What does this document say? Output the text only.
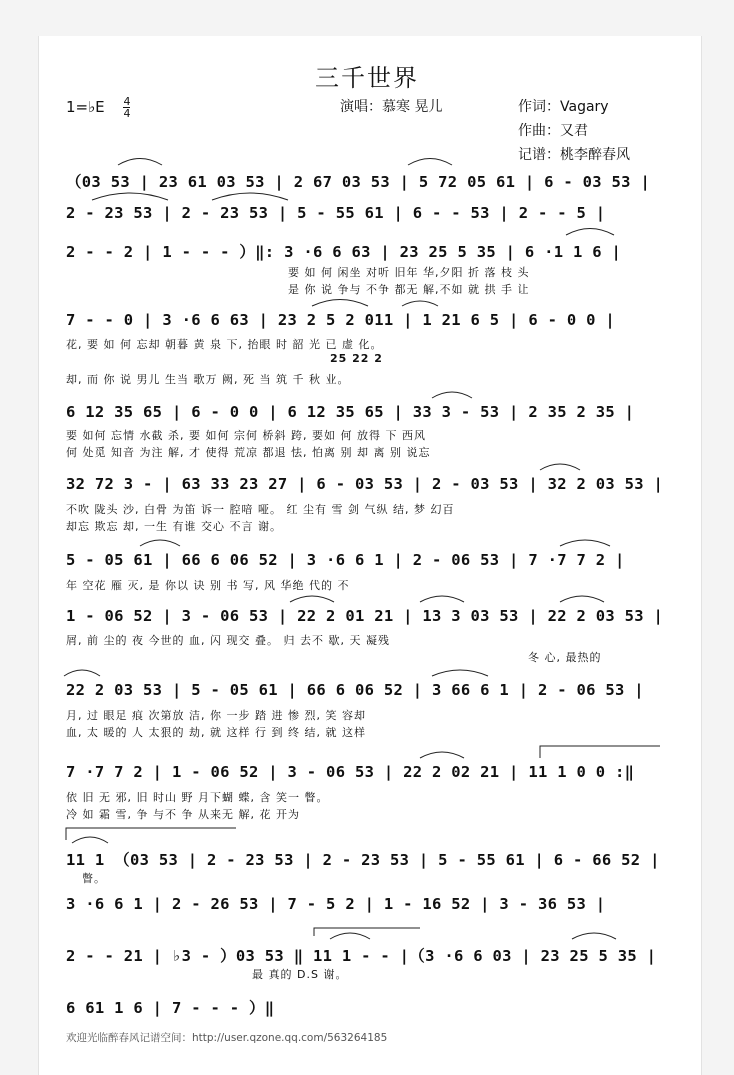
三千世界
1=♭E $\frac{4}{4}$	演唱：慕寒 晃儿	作词：Vagary
作曲：又君
记谱：桃李醉春风
（03 53 | 23 61 03 53 | 2 67 03 53 | 5 72 05 61 | 6 - 03 53 |
2 - 23 53 | 2 - 23 53 | 5 - 55 61 | 6 - - 53 | 2 - - 5 |
2 - - 2 | 1 - - - ）‖: 3 ·6 6 63 | 23 25 5 35 | 6 ·1 1 6 |
要 如 何 闲坐 对听 旧年 华,夕阳 折 落 枝 头
是 你 说 争与 不争 都无 解,不如 就 拱 手 让
7 - - 0 | 3 ·6 6 63 | 23 2 5 2 011 | 1 21 6 5 | 6 - 0 0 |
花, 要 如 何 忘却 朝暮 黄 泉 下, 抬眼 时 韶 光 已 虚 化。
25 22 2
却, 而 你 说 男儿 生当 歌万 阙, 死 当 筑 千 秋 业。
6 12 35 65 | 6 - 0 0 | 6 12 35 65 | 33 3 - 53 | 2 35 2 35 |
要 如何 忘情 水截 杀, 要 如何 宗何 桥斜 跨, 要如 何 放得 下 西风
何 处觅 知音 为注 解, 才 使得 荒凉 都退 怯, 怕离 别 却 离 别 说忘
32 72 3 - | 63 33 23 27 | 6 - 03 53 | 2 - 03 53 | 32 2 03 53 |
不吹 陇头 沙, 白骨 为笛 诉一 腔喑 哑。 红 尘有 雪 剑 气纵 结, 梦 幻百
却忘 欺忘 却, 一生 有谁 交心 不言 谢。
5 - 05 61 | 66 6 06 52 | 3 ·6 6 1 | 2 - 06 53 | 7 ·7 7 2 |
年 空花 雁 灭, 是 你以 诀 别 书 写, 风 华绝 代的 不
1 - 06 52 | 3 - 06 53 | 22 2 01 21 | 13 3 03 53 | 22 2 03 53 |
屑, 前 尘的 夜 今世的 血, 闪 现交 叠。 归 去不 歇, 天 凝残
冬 心, 最热的
22 2 03 53 | 5 - 05 61 | 66 6 06 52 | 3 66 6 1 | 2 - 06 53 |
月, 过 眼足 痕 次第放 洁, 你 一步 踏 进 惨 烈, 笑 容却
血, 太 暖的 人 太狠的 劫, 就 这样 行 到 终 结, 就 这样
7 ·7 7 2 | 1 - 06 52 | 3 - 06 53 | 22 2 02 21 | 11 1 0 0 :‖
依 旧 无 邪, 旧 时山 野 月下蝴 蝶, 含 笑一 瞥。
冷 如 霜 雪, 争 与不 争 从来无 解, 花 开为
11 1 （03 53 | 2 - 23 53 | 2 - 23 53 | 5 - 55 61 | 6 - 66 52 |
瞥。
3 ·6 6 1 | 2 - 26 53 | 7 - 5 2 | 1 - 16 52 | 3 - 36 53 |
2 - - 21 | ♭3 - ）03 53 ‖ 11 1 - - |（3 ·6 6 03 | 23 25 5 35 |
最 真的 D.S 谢。
6 61 1 6 | 7 - - - ）‖
欢迎光临醉春风记谱空间：http://user.qzone.qq.com/563264185
